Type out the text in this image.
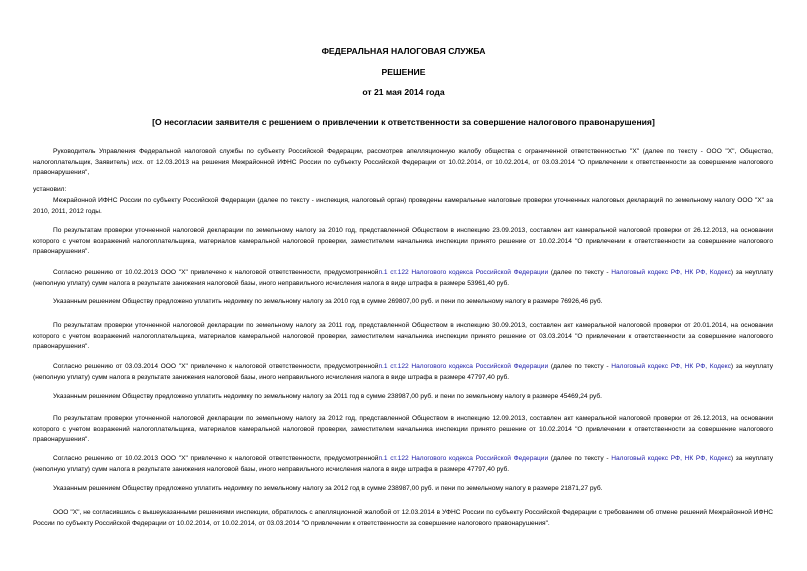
ФЕДЕРАЛЬНАЯ НАЛОГОВАЯ СЛУЖБА
РЕШЕНИЕ
от 21 мая 2014 года
[О несогласии заявителя с решением о привлечении к ответственности за совершение налогового правонарушения]
Руководитель Управления Федеральной налоговой службы по субъекту Российской Федерации, рассмотрев апелляционную жалобу общества с ограниченной ответственностью "Х" (далее по тексту - ООО "Х", Общество, налогоплательщик, Заявитель) исх. от 12.03.2013 на решения Межрайонной ИФНС России по субъекту Российской Федерации от 10.02.2014, от 10.02.2014, от 03.03.2014 "О привлечении к ответственности за совершение налогового правонарушения",
установил:
Межрайонной ИФНС России по субъекту Российской Федерации (далее по тексту - инспекция, налоговый орган) проведены камеральные налоговые проверки уточненных налоговых деклараций по земельному налогу ООО "Х" за 2010, 2011, 2012 годы.
По результатам проверки уточненной налоговой декларации по земельному налогу за 2010 год, представленной Обществом в инспекцию 23.09.2013, составлен акт камеральной налоговой проверки от 26.12.2013, на основании которого с учетом возражений налогоплательщика, материалов камеральной налоговой проверки, заместителем начальника инспекции принято решение от 10.02.2014 "О привлечении к ответственности за совершение налогового правонарушения".
Согласно решению от 10.02.2013 ООО "Х" привлечено к налоговой ответственности, предусмотреннойп.1 ст.122 Налогового кодекса Российской Федерации (далее по тексту - Налоговый кодекс РФ, НК РФ, Кодекс) за неуплату (неполную уплату) сумм налога в результате занижения налоговой базы, иного неправильного исчисления налога в виде штрафа в размере 53961,40 руб.
Указанным решением Обществу предложено уплатить недоимку по земельному налогу за 2010 год в сумме 269807,00 руб. и пени по земельному налогу в размере 76926,46 руб.
По результатам проверки уточненной налоговой декларации по земельному налогу за 2011 год, представленной Обществом в инспекцию 30.09.2013, составлен акт камеральной налоговой проверки от 20.01.2014, на основании которого с учетом возражений налогоплательщика, материалов камеральной налоговой проверки, заместителем начальника инспекции принято решение от 03.03.2014 "О привлечении к ответственности за совершение налогового правонарушения".
Согласно решению от 03.03.2014 ООО "Х" привлечено к налоговой ответственности, предусмотреннойп.1 ст.122 Налогового кодекса Российской Федерации (далее по тексту - Налоговый кодекс РФ, НК РФ, Кодекс) за неуплату (неполную уплату) сумм налога в результате занижения налоговой базы, иного неправильного исчисления налога в виде штрафа в размере 47797,40 руб.
Указанным решением Обществу предложено уплатить недоимку по земельному налогу за 2011 год в сумме 238987,00 руб. и пени по земельному налогу в размере 45469,24 руб.
По результатам проверки уточненной налоговой декларации по земельному налогу за 2012 год, представленной Обществом в инспекцию 12.09.2013, составлен акт камеральной налоговой проверки от 26.12.2013, на основании которого с учетом возражений налогоплательщика, материалов камеральной налоговой проверки, заместителем начальника инспекции принято решение от 10.02.2014 "О привлечении к ответственности за совершение налогового правонарушения".
Согласно решению от 10.02.2013 ООО "Х" привлечено к налоговой ответственности, предусмотреннойп.1 ст.122 Налогового кодекса Российской Федерации (далее по тексту - Налоговый кодекс РФ, НК РФ, Кодекс) за неуплату (неполную уплату) сумм налога в результате занижения налоговой базы, иного неправильного исчисления налога в виде штрафа в размере 47797,40 руб.
Указанным решением Обществу предложено уплатить недоимку по земельному налогу за 2012 год в сумме 238987,00 руб. и пени по земельному налогу в размере 21871,27 руб.
ООО "Х", не согласившись с вышеуказанными решениями инспекции, обратилось с апелляционной жалобой от 12.03.2014 в УФНС России по субъекту Российской Федерации с требованием об отмене решений Межрайонной ИФНС России по субъекту Российской Федерации от 10.02.2014, от 10.02.2014, от 03.03.2014 "О привлечении к ответственности за совершение налогового правонарушения".
